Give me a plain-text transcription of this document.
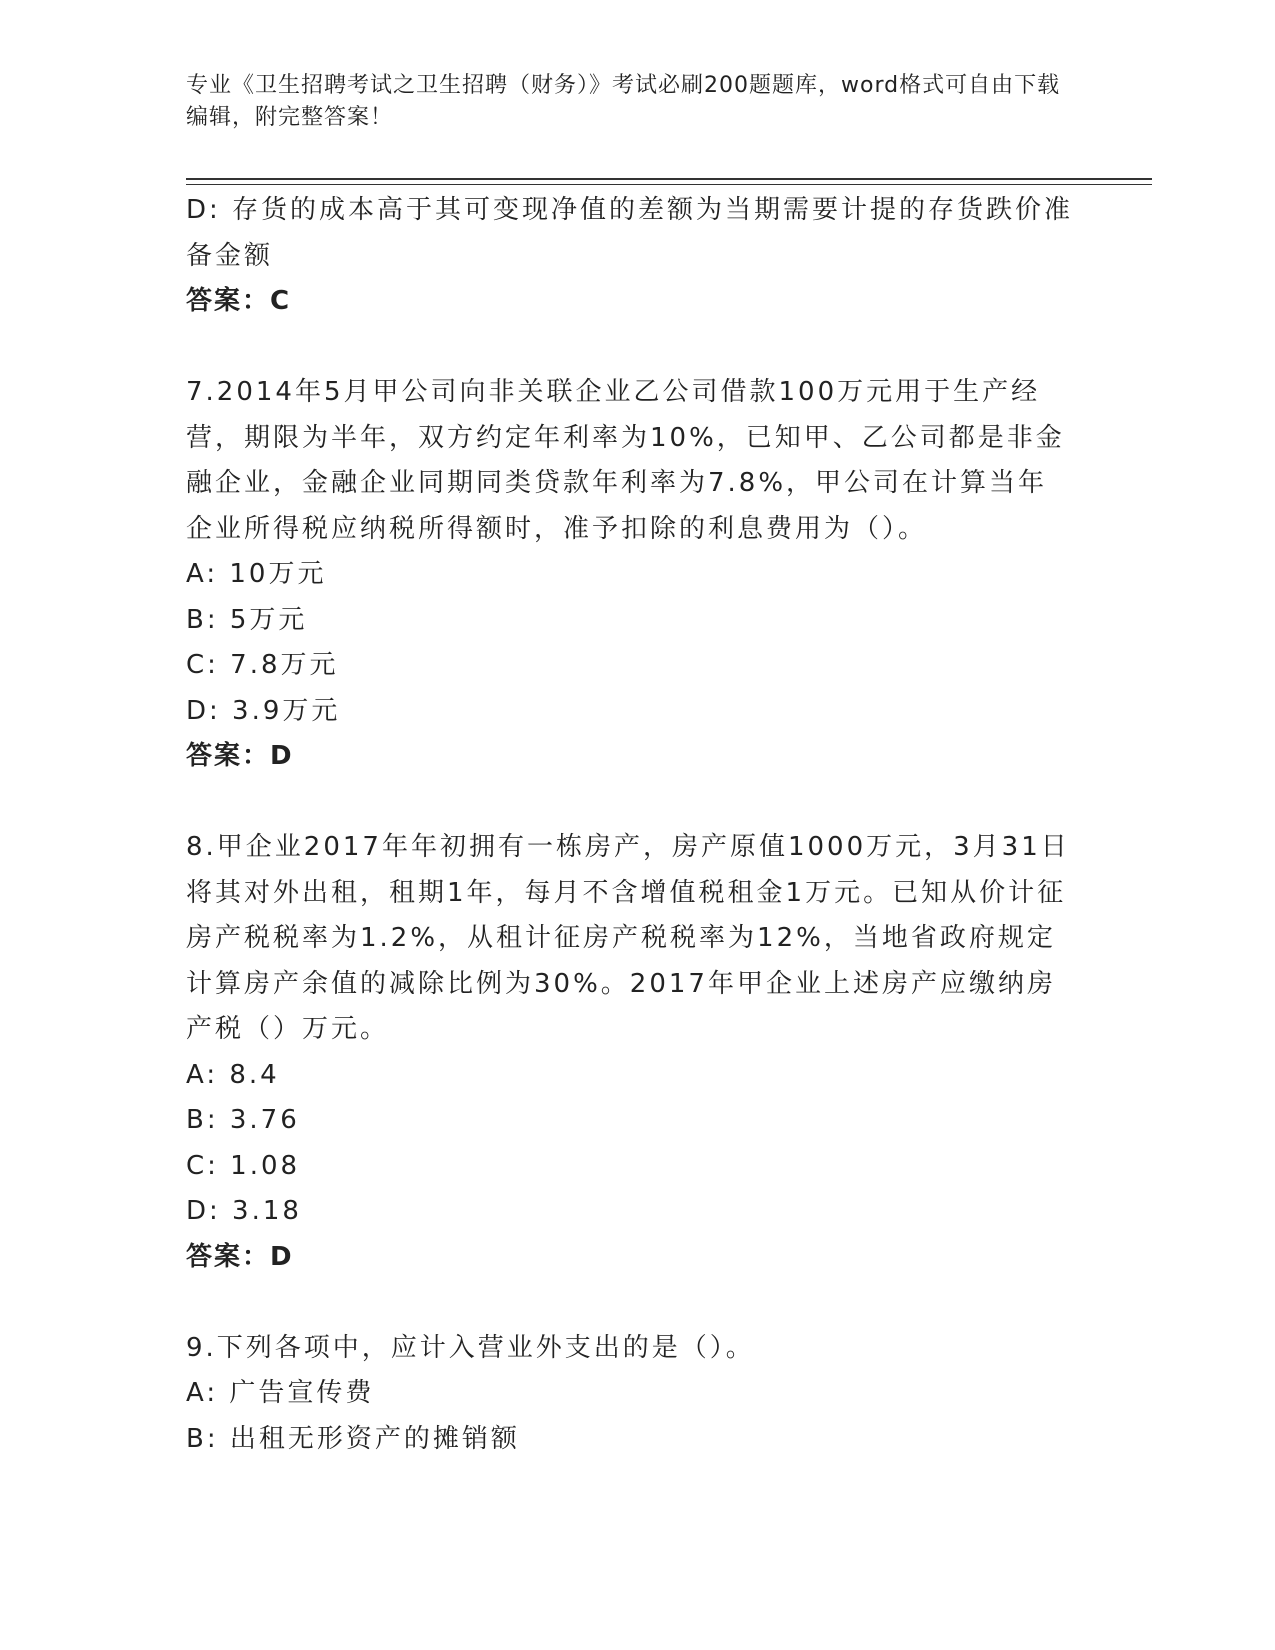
专业《卫生招聘考试之卫生招聘（财务）》考试必刷200题题库，word格式可自由下载编辑，附完整答案！
D: 存货的成本高于其可变现净值的差额为当期需要计提的存货跌价准备金额
答案：C
7.2014年5月甲公司向非关联企业乙公司借款100万元用于生产经营，期限为半年，双方约定年利率为10%，已知甲、乙公司都是非金融企业，金融企业同期同类贷款年利率为7.8%，甲公司在计算当年企业所得税应纳税所得额时，准予扣除的利息费用为（）。
A: 10万元
B: 5万元
C: 7.8万元
D: 3.9万元
答案：D
8.甲企业2017年年初拥有一栋房产，房产原值1000万元，3月31日将其对外出租，租期1年，每月不含增值税租金1万元。已知从价计征房产税税率为1.2%，从租计征房产税税率为12%，当地省政府规定计算房产余值的减除比例为30%。2017年甲企业上述房产应缴纳房产税（）万元。
A: 8.4
B: 3.76
C: 1.08
D: 3.18
答案：D
9.下列各项中，应计入营业外支出的是（）。
A: 广告宣传费
B: 出租无形资产的摊销额
